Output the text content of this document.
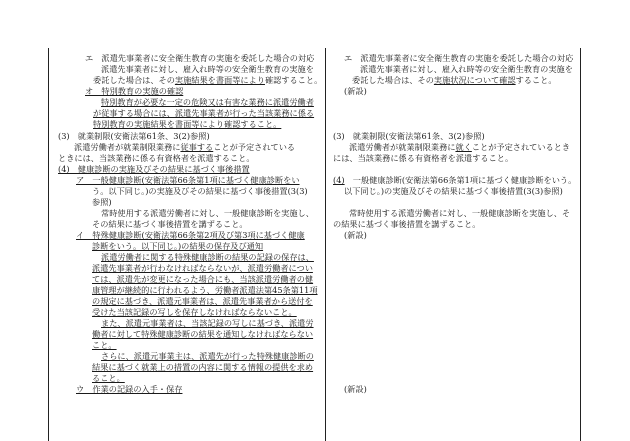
エ　派遣先事業者に安全衛生教育の実施を委託した場合の対応
派遣先事業者に対し、雇入れ時等の安全衛生教育の実施を
委託した場合は、その実施結果を書面等により確認すること。
オ　特別教育の実施の確認
特別教育が必要な一定の危険又は有害な業務に派遣労働者
が従事する場合には、派遣先事業者が行った当該業務に係る
特別教育の実施結果を書面等により確認すること。
(3)　就業制限(安衛法第61条、3(2)参照)
派遣労働者が就業制限業務に従事することが予定されている
ときには、当該業務に係る有資格者を派遣すること。
(4)　健康診断の実施及びその結果に基づく事後措置
ア　一般健康診断(安衛法第66条第1項に基づく健康診断をい
う。以下同じ。)の実施及びその結果に基づく事後措置(3(3)
参照)
常時使用する派遣労働者に対し、一般健康診断を実施し、
その結果に基づく事後措置を講ずること。
イ　特殊健康診断(安衛法第66条第2項及び第3項に基づく健康
診断をいう。以下同じ。)の結果の保存及び通知
派遣労働者に関する特殊健康診断の結果の記録の保存は、
派遣先事業者が行わなければならないが、派遣労働者につい
ては、派遣先が変更になった場合にも、当該派遣労働者の健
康管理が継続的に行われるよう、労働者派遣法第45条第11項
の規定に基づき、派遣元事業者は、派遣先事業者から送付を
受けた当該記録の写しを保存しなければならないこと。
また、派遣元事業者は、当該記録の写しに基づき、派遣労
働者に対して特殊健康診断の結果を通知しなければならない
こと。
さらに、派遣元事業主は、派遣先が行った特殊健康診断の
結果に基づく就業上の措置の内容に関する情報の提供を求め
ること。
ウ　作業の記録の入手・保存
エ　派遣先事業者に安全衛生教育の実施を委託した場合の対応
派遣先事業者に対し、雇入れ時等の安全衛生教育の実施を
委託した場合は、その実施状況について確認すること。
(新設)
(3)　就業制限(安衛法第61条、3(2)参照)
派遣労働者が就業制限業務に就くことが予定されているとき
には、当該業務に係る有資格者を派遣すること。
(4)　一般健康診断(安衛法第66条第1項に基づく健康診断をいう。
以下同じ。)の実施及びその結果に基づく事後措置(3(3)参照)
常時使用する派遣労働者に対し、一般健康診断を実施し、そ
の結果に基づく事後措置を講ずること。
(新設)
(新設)
